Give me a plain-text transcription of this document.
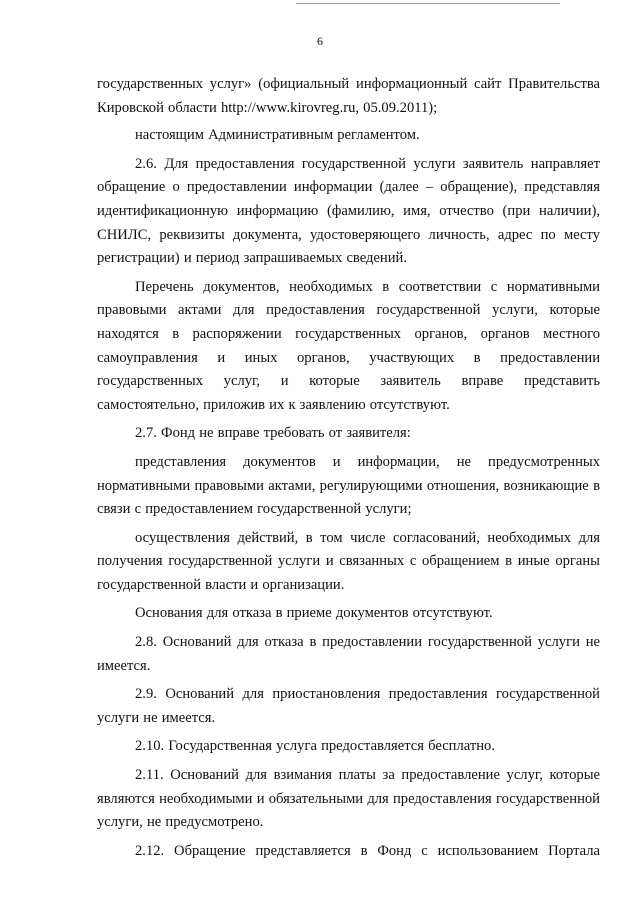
6

государственных услуг» (официальный информационный сайт Правительства Кировской области http://www.kirovreg.ru, 05.09.2011);

настоящим Административным регламентом.

2.6. Для предоставления государственной услуги заявитель направляет обращение о предоставлении информации (далее – обращение), представляя идентификационную информацию (фамилию, имя, отчество (при наличии), СНИЛС, реквизиты документа, удостоверяющего личность, адрес по месту регистрации) и период запрашиваемых сведений.

Перечень документов, необходимых в соответствии с нормативными правовыми актами для предоставления государственной услуги, которые находятся в распоряжении государственных органов, органов местного самоуправления и иных органов, участвующих в предоставлении государственных услуг, и которые заявитель вправе представить самостоятельно, приложив их к заявлению отсутствуют.

2.7. Фонд не вправе требовать от заявителя:

представления документов и информации, не предусмотренных нормативными правовыми актами, регулирующими отношения, возникающие в связи с предоставлением государственной услуги;

осуществления действий, в том числе согласований, необходимых для получения государственной услуги и связанных с обращением в иные органы государственной власти и организации.

Основания для отказа в приеме документов отсутствуют.

2.8. Оснований для отказа в предоставлении государственной услуги не имеется.

2.9. Оснований для приостановления предоставления государственной услуги не имеется.

2.10. Государственная услуга предоставляется бесплатно.

2.11. Оснований для взимания платы за предоставление услуг, которые являются необходимыми и обязательными для предоставления государственной услуги, не предусмотрено.

2.12. Обращение представляется в Фонд с использованием Портала
